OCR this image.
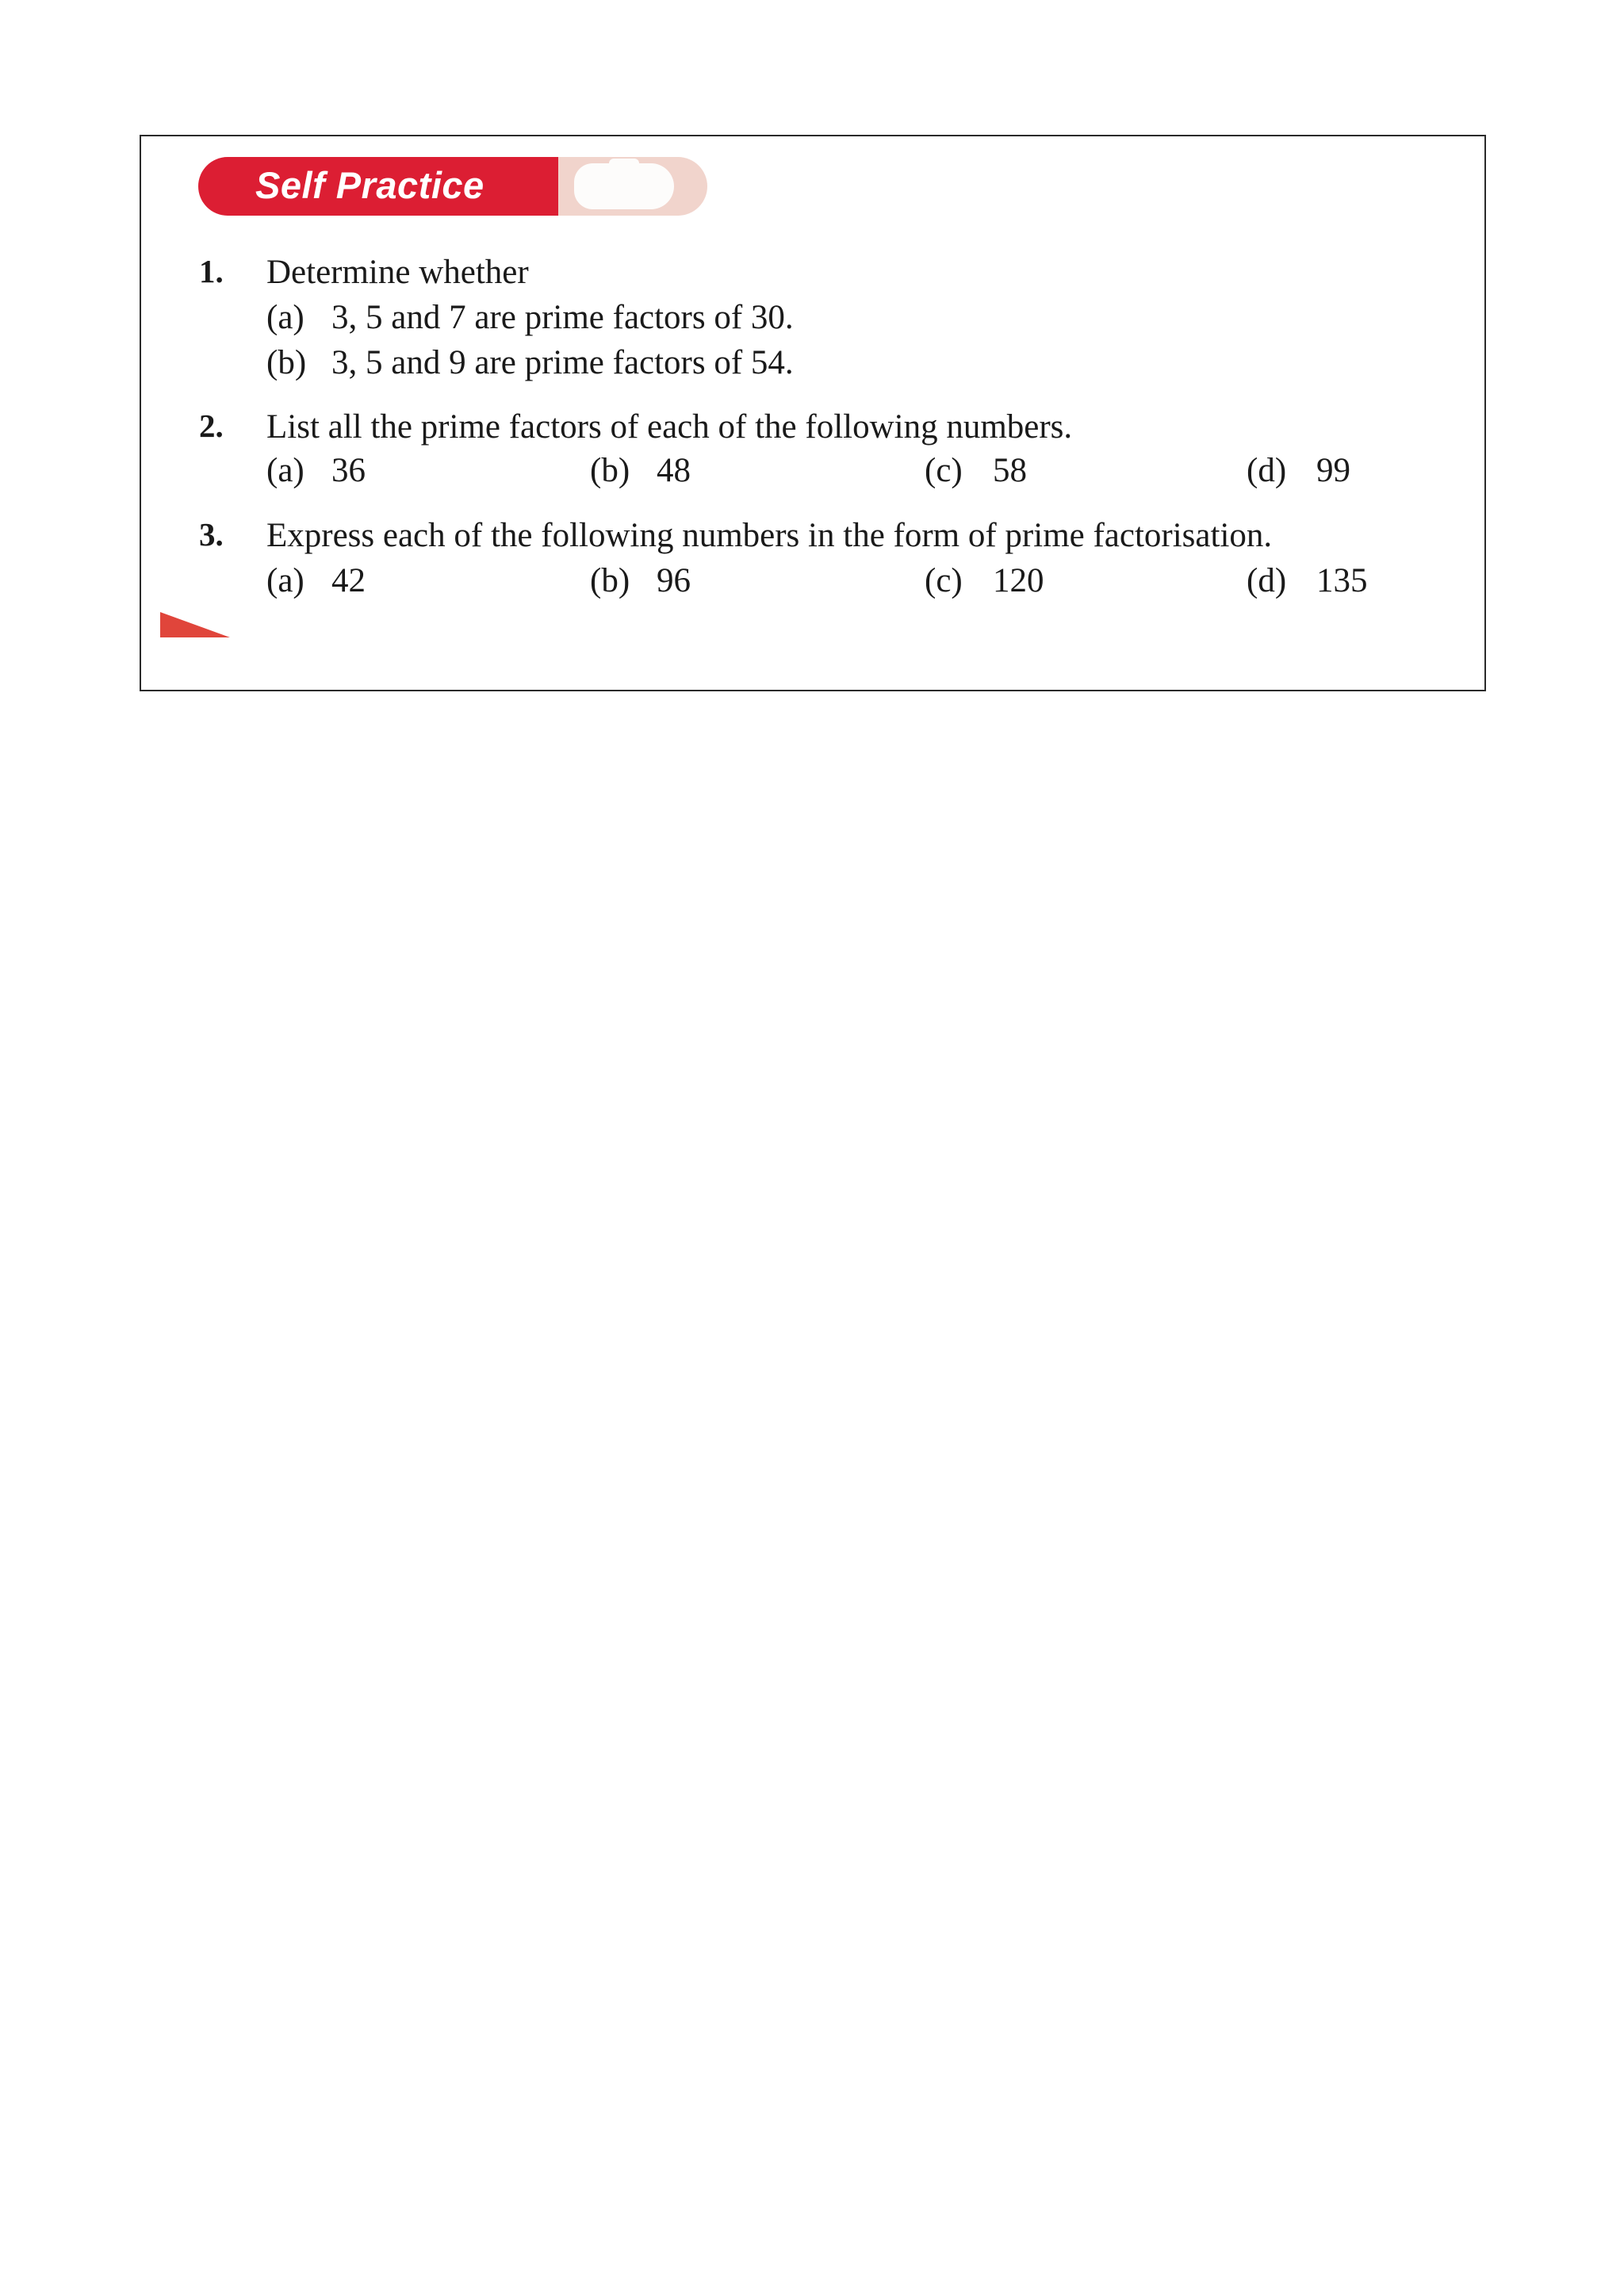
Self Practice
1. Determine whether
(a) 3, 5 and 7 are prime factors of 30.
(b) 3, 5 and 9 are prime factors of 54.
2. List all the prime factors of each of the following numbers.
(a) 36	(b) 48	(c) 58	(d) 99
3. Express each of the following numbers in the form of prime factorisation.
(a) 42	(b) 96	(c) 120	(d) 135
